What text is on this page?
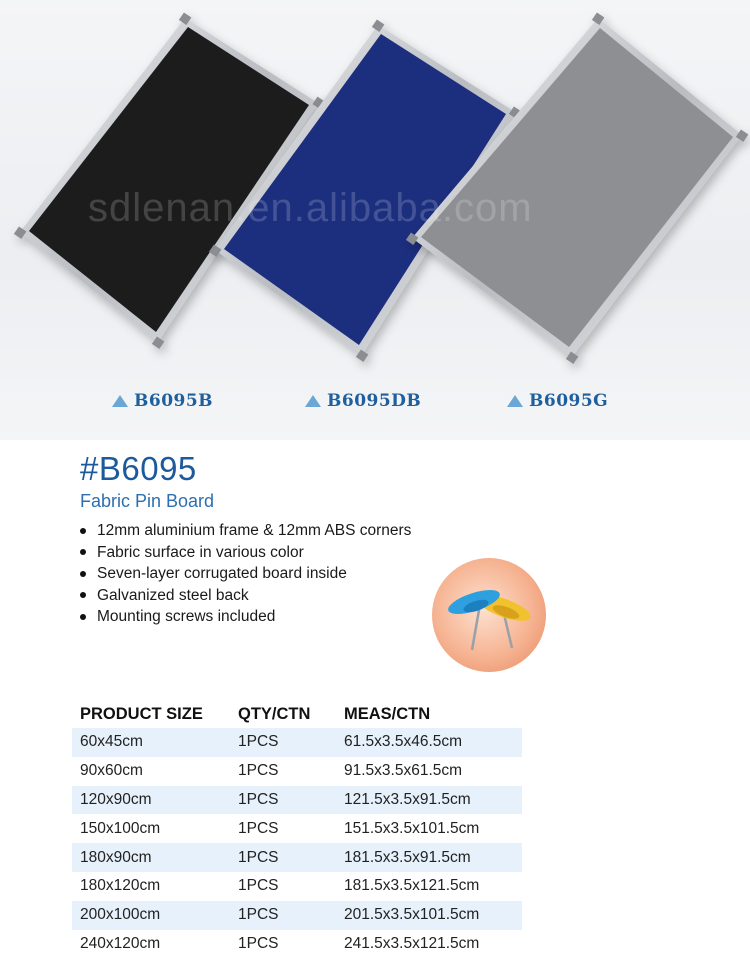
sdlenan.en.alibaba.com
B6095B	B6095DB	B6095G
#B6095
Fabric Pin Board
12mm aluminium frame & 12mm ABS corners
Fabric surface in various color
Seven-layer corrugated board inside
Galvanized steel back
Mounting screws included
PRODUCT SIZE	QTY/CTN	MEAS/CTN
60x45cm	1PCS	61.5x3.5x46.5cm
90x60cm	1PCS	91.5x3.5x61.5cm
120x90cm	1PCS	121.5x3.5x91.5cm
150x100cm	1PCS	151.5x3.5x101.5cm
180x90cm	1PCS	181.5x3.5x91.5cm
180x120cm	1PCS	181.5x3.5x121.5cm
200x100cm	1PCS	201.5x3.5x101.5cm
240x120cm	1PCS	241.5x3.5x121.5cm
